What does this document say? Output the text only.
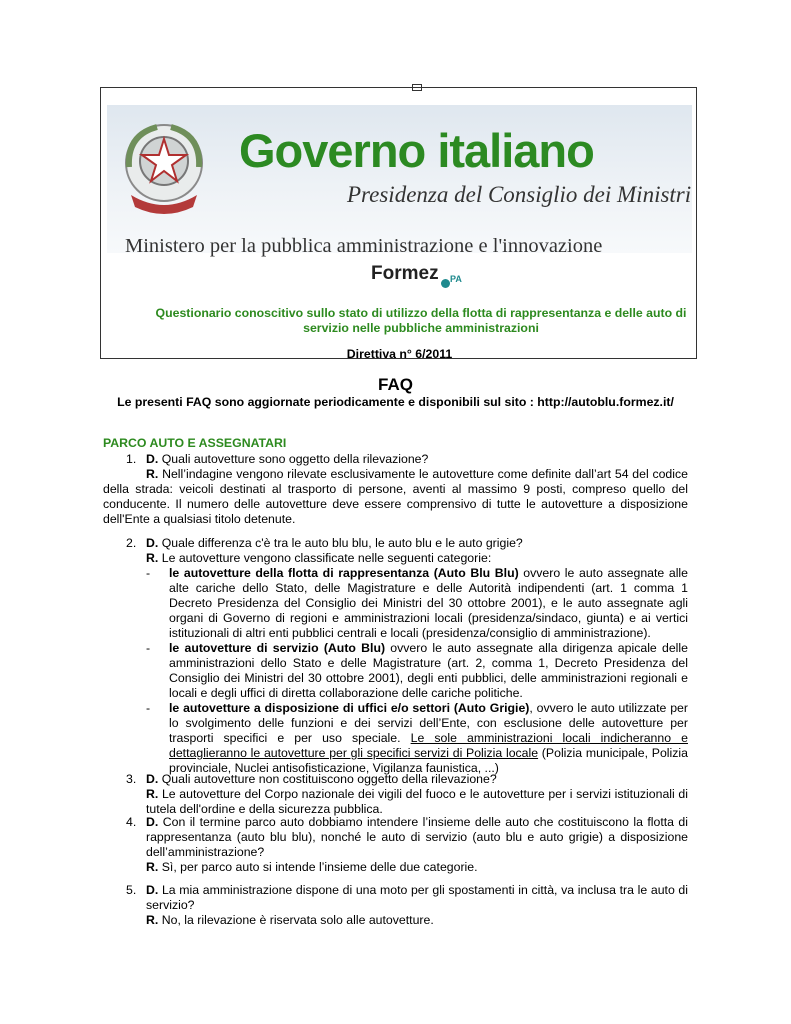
Governo italiano
Presidenza del Consiglio dei Ministri
Ministero per la pubblica amministrazione e l'innovazione
Formez PA
Questionario conoscitivo sullo stato di utilizzo della flotta di rappresentanza e delle auto di servizio nelle pubbliche amministrazioni
Direttiva n° 6/2011
FAQ
Le presenti FAQ sono aggiornate periodicamente e disponibili sul sito : http://autoblu.formez.it/
PARCO AUTO E ASSEGNATARI
1. D. Quali autovetture sono oggetto della rilevazione?
R. Nell’indagine vengono rilevate esclusivamente le autovetture come definite dall’art 54 del codice della strada: veicoli destinati al trasporto di persone, aventi al massimo 9 posti, compreso quello del conducente. Il numero delle autovetture deve essere comprensivo di tutte le autovetture a disposizione dell'Ente a qualsiasi titolo detenute.
2. D. Quale differenza c'è tra le auto blu blu, le auto blu e le auto grigie?
R. Le autovetture vengono classificate nelle seguenti categorie:
- le autovetture della flotta di rappresentanza (Auto Blu Blu) ovvero le auto assegnate alle alte cariche dello Stato, delle Magistrature e delle Autorità indipendenti (art. 1 comma 1 Decreto Presidenza del Consiglio dei Ministri del 30 ottobre 2001), e le auto assegnate agli organi di Governo di regioni e amministrazioni locali (presidenza/sindaco, giunta) e ai vertici istituzionali di altri enti pubblici centrali e locali (presidenza/consiglio di amministrazione).
- le autovetture di servizio (Auto Blu) ovvero le auto assegnate alla dirigenza apicale delle amministrazioni dello Stato e delle Magistrature (art. 2, comma 1, Decreto Presidenza del Consiglio dei Ministri del 30 ottobre 2001), degli enti pubblici, delle amministrazioni regionali e locali e degli uffici di diretta collaborazione delle cariche politiche.
- le autovetture a disposizione di uffici e/o settori (Auto Grigie), ovvero le auto utilizzate per lo svolgimento delle funzioni e dei servizi dell’Ente, con esclusione delle autovetture per trasporti specifici e per uso speciale. Le sole amministrazioni locali indicheranno e dettaglieranno le autovetture per gli specifici servizi di Polizia locale (Polizia municipale, Polizia provinciale, Nuclei antisofisticazione, Vigilanza faunistica, ...)
3. D. Quali autovetture non costituiscono oggetto della rilevazione?
R. Le autovetture del Corpo nazionale dei vigili del fuoco e le autovetture per i servizi istituzionali di tutela dell'ordine e della sicurezza pubblica.
4. D. Con il termine parco auto dobbiamo intendere l’insieme delle auto che costituiscono la flotta di rappresentanza (auto blu blu), nonché le auto di servizio (auto blu e auto grigie) a disposizione dell’amministrazione?
R. Sì, per parco auto si intende l’insieme delle due categorie.
5. D. La mia amministrazione dispone di una moto per gli spostamenti in città, va inclusa tra le auto di servizio?
R. No, la rilevazione è riservata solo alle autovetture.
